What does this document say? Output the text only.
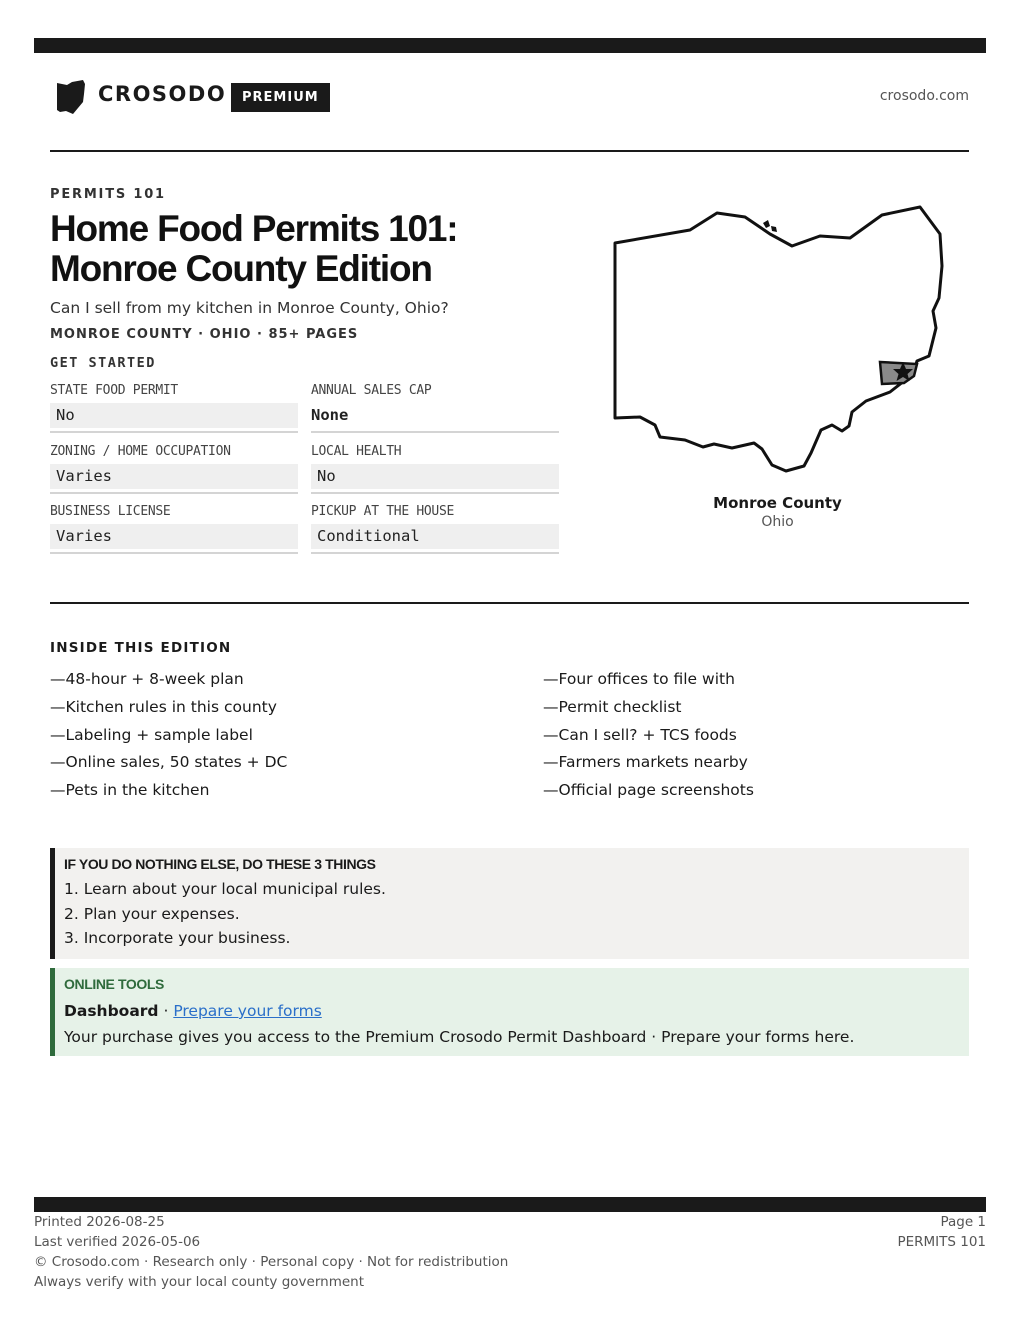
CROSODO	PREMIUM	crosodo.com
PERMITS 101
Home Food Permits 101: Monroe County Edition

Can I sell from my kitchen in Monroe County, Ohio?

MONROE COUNTY · OHIO · 85+ PAGES
GET STARTED
STATE FOOD PERMIT
No
ANNUAL SALES CAP
None
ZONING / HOME OCCUPATION
Varies
LOCAL HEALTH
No
BUSINESS LICENSE
Varies
PICKUP AT THE HOUSE
Conditional
Monroe County
Ohio
INSIDE THIS EDITION
—48-hour + 8-week plan
—Kitchen rules in this county
—Labeling + sample label
—Online sales, 50 states + DC
—Pets in the kitchen
—Four offices to file with
—Permit checklist
—Can I sell? + TCS foods
—Farmers markets nearby
—Official page screenshots
IF YOU DO NOTHING ELSE, DO THESE 3 THINGS
1. Learn about your local municipal rules.
2. Plan your expenses.
3. Incorporate your business.
ONLINE TOOLS
Dashboard · Prepare your forms
Your purchase gives you access to the Premium Crosodo Permit Dashboard · Prepare your forms here.
Printed 2026-08-25
Last verified 2026-05-06
© Crosodo.com · Research only · Personal copy · Not for redistribution
Always verify with your local county government
Page 1
PERMITS 101
